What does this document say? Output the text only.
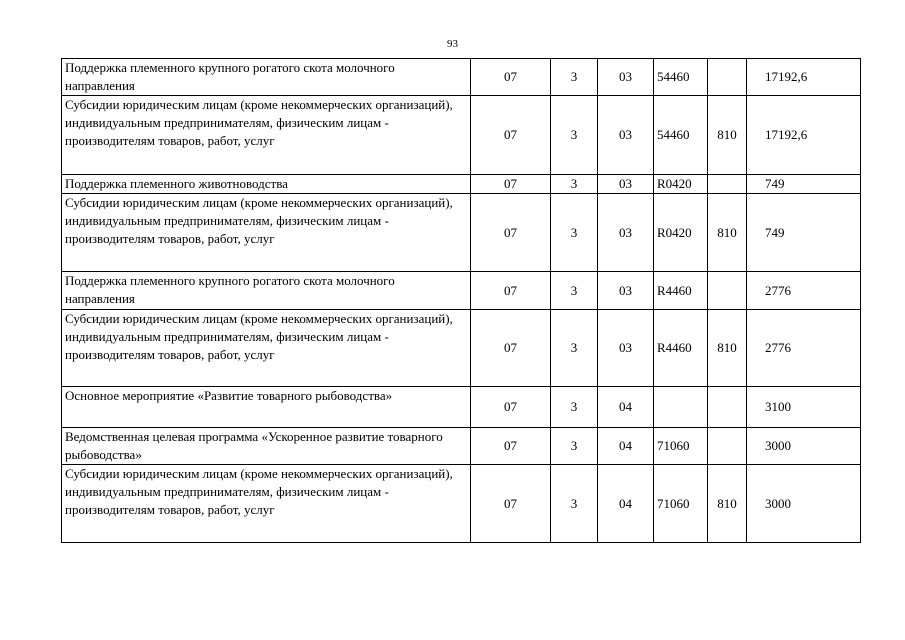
93
Поддержка племенного крупного рогатого скота молочного направления	07	3	03	54460		17192,6
Субсидии юридическим лицам (кроме некоммерческих организаций), индивидуальным предпринимателям, физическим лицам - производителям товаров, работ, услуг	07	3	03	54460	810	17192,6
Поддержка племенного животноводства	07	3	03	R0420		749
Субсидии юридическим лицам (кроме некоммерческих организаций), индивидуальным предпринимателям, физическим лицам - производителям товаров, работ, услуг	07	3	03	R0420	810	749
Поддержка племенного крупного рогатого скота молочного направления	07	3	03	R4460		2776
Субсидии юридическим лицам (кроме некоммерческих организаций), индивидуальным предпринимателям, физическим лицам - производителям товаров, работ, услуг	07	3	03	R4460	810	2776
Основное мероприятие «Развитие товарного рыбоводства»	07	3	04			3100
Ведомственная целевая программа «Ускоренное развитие товарного рыбоводства»	07	3	04	71060		3000
Субсидии юридическим лицам (кроме некоммерческих организаций), индивидуальным предпринимателям, физическим лицам - производителям товаров, работ, услуг	07	3	04	71060	810	3000
